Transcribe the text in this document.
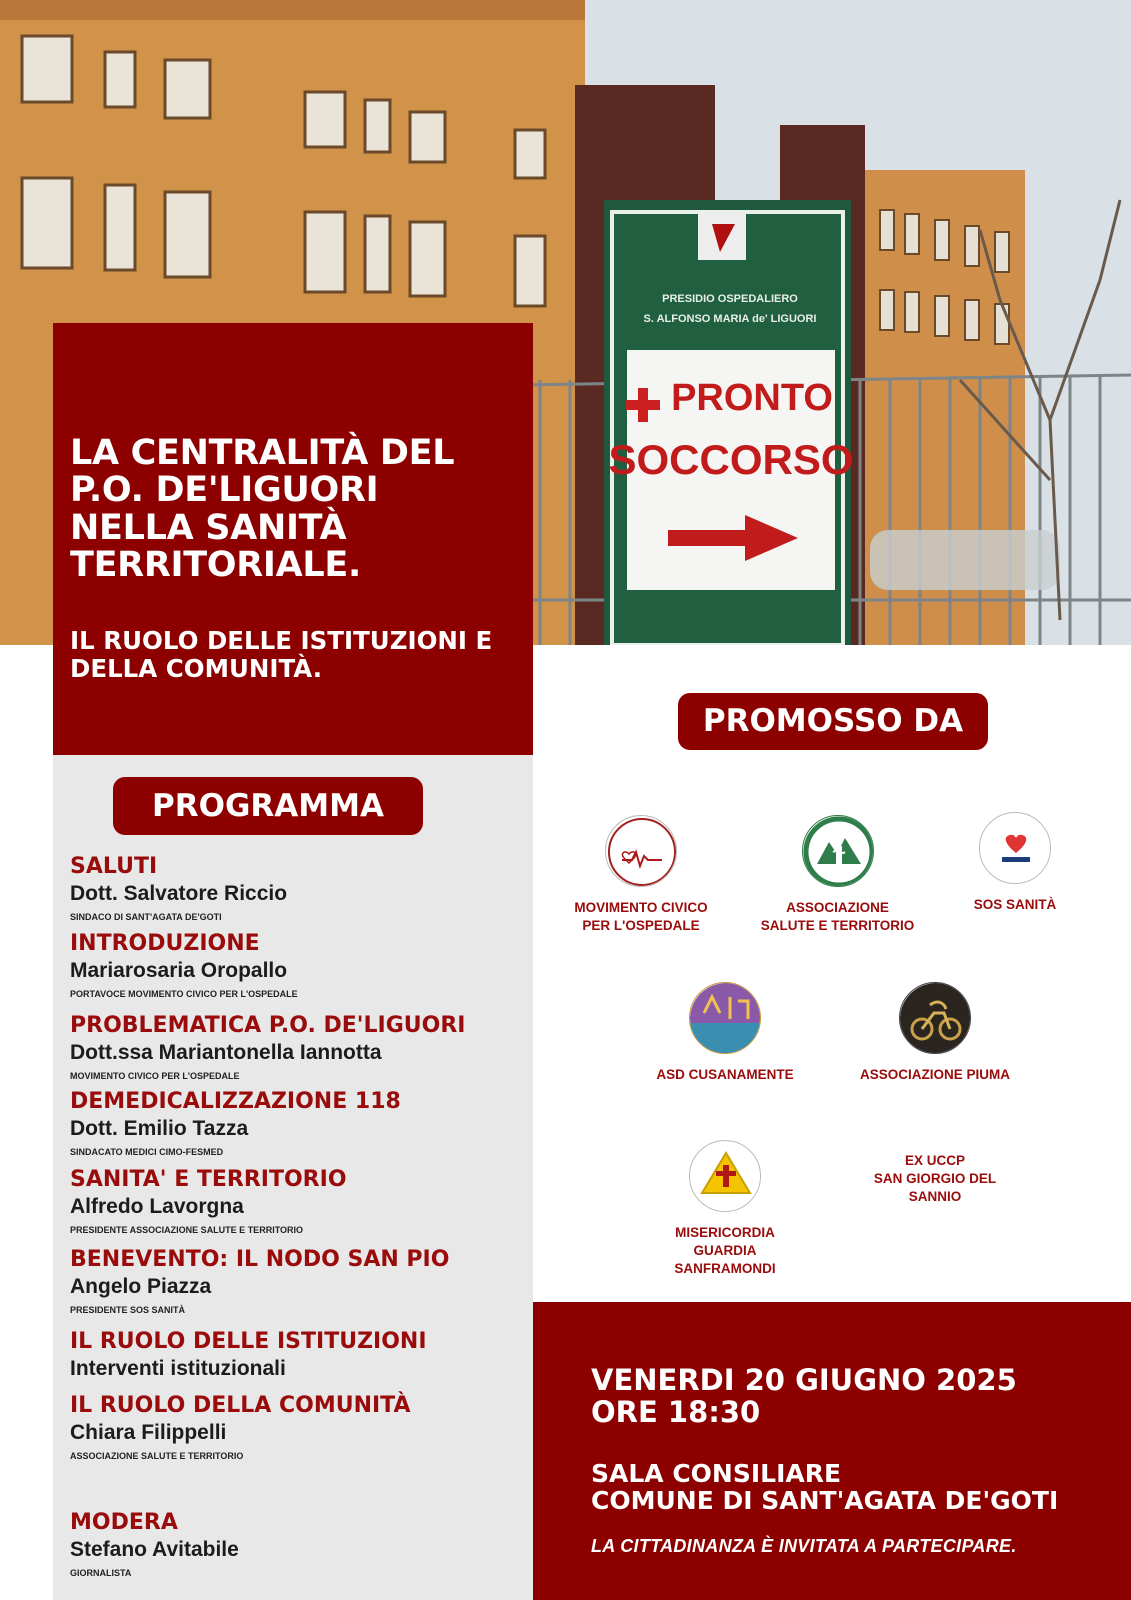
PRESIDIO OSPEDALIERO
S. ALFONSO MARIA de' LIGUORI
PRONTO
SOCCORSO
LA CENTRALITÀ DEL P.O. DE'LIGUORI NELLA SANITÀ TERRITORIALE.
IL RUOLO DELLE ISTITUZIONI E DELLA COMUNITÀ.
PROGRAMMA
SALUTI
Dott. Salvatore Riccio
SINDACO DI SANT'AGATA DE'GOTI
INTRODUZIONE
Mariarosaria Oropallo
PORTAVOCE MOVIMENTO CIVICO PER L'OSPEDALE
PROBLEMATICA P.O. DE'LIGUORI
Dott.ssa Mariantonella Iannotta
MOVIMENTO CIVICO PER L'OSPEDALE
DEMEDICALIZZAZIONE 118
Dott. Emilio Tazza
SINDACATO MEDICI CIMO-FESMED
SANITA' E TERRITORIO
Alfredo Lavorgna
PRESIDENTE ASSOCIAZIONE SALUTE E TERRITORIO
BENEVENTO: IL NODO SAN PIO
Angelo Piazza
PRESIDENTE SOS SANITÀ
IL RUOLO DELLE ISTITUZIONI
Interventi istituzionali
IL RUOLO DELLA COMUNITÀ
Chiara Filippelli
ASSOCIAZIONE SALUTE E TERRITORIO
MODERA
Stefano Avitabile
GIORNALISTA
PROMOSSO DA
MOVIMENTO CIVICO
PER L'OSPEDALE
ASSOCIAZIONE
SALUTE E TERRITORIO
SOS SANITÀ
ASD CUSANAMENTE	ASSOCIAZIONE PIUMA
MISERICORDIA
GUARDIA
SANFRAMONDI
EX UCCP
SAN GIORGIO DEL
SANNIO
VENERDI 20 GIUGNO 2025
ORE 18:30
SALA CONSILIARE
COMUNE DI SANT'AGATA DE'GOTI
LA CITTADINANZA È INVITATA A PARTECIPARE.
